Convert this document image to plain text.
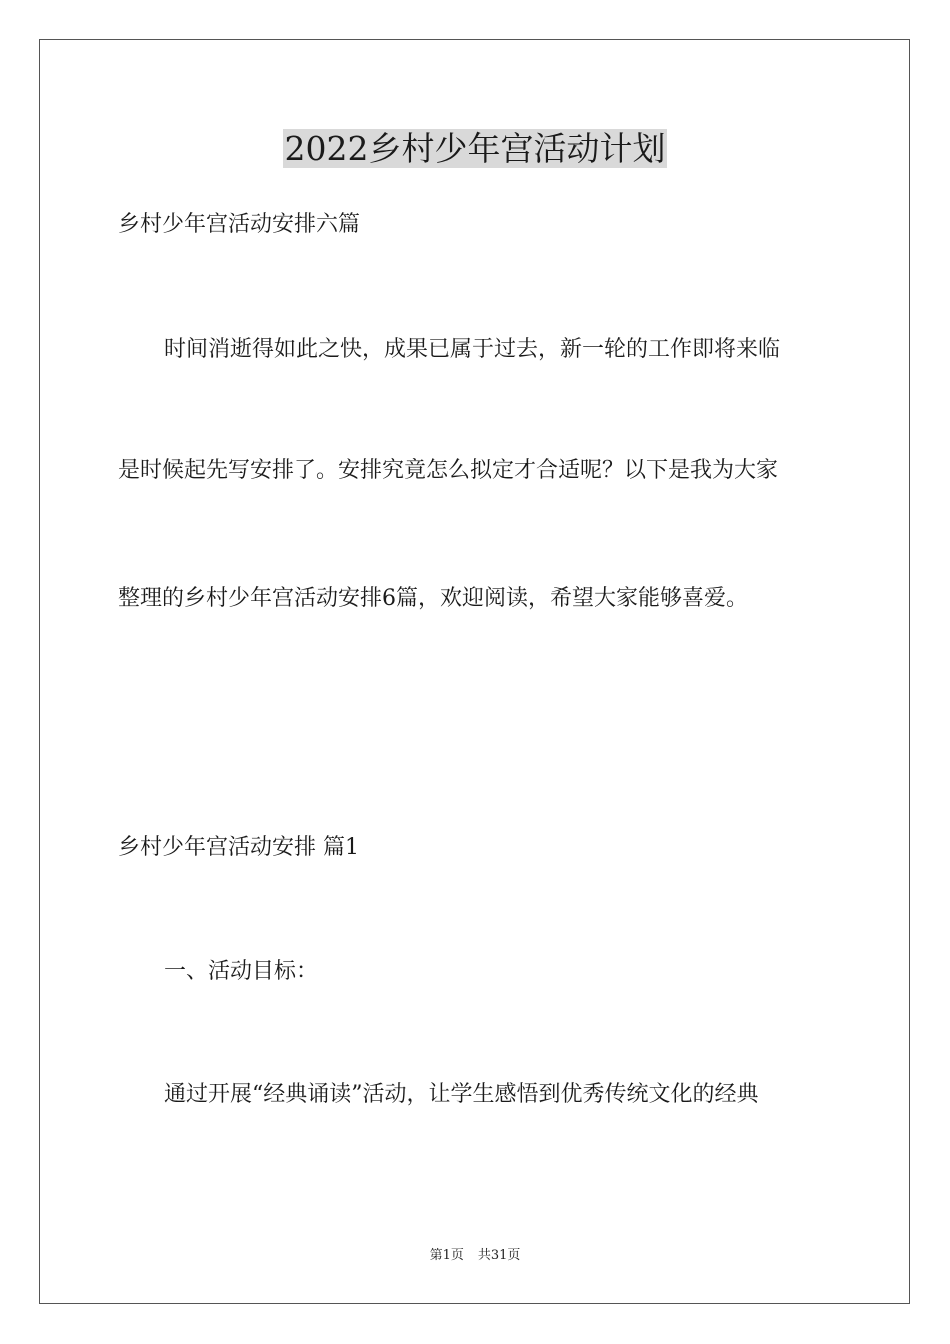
2022乡村少年宫活动计划

乡村少年宫活动安排六篇

时间消逝得如此之快，成果已属于过去，新一轮的工作即将来临

是时候起先写安排了。安排究竟怎么拟定才合适呢？以下是我为大家

整理的乡村少年宫活动安排6篇，欢迎阅读，希望大家能够喜爱。

乡村少年宫活动安排 篇1

一、活动目标：

通过开展“经典诵读”活动，让学生感悟到优秀传统文化的经典

第1页 共31页
